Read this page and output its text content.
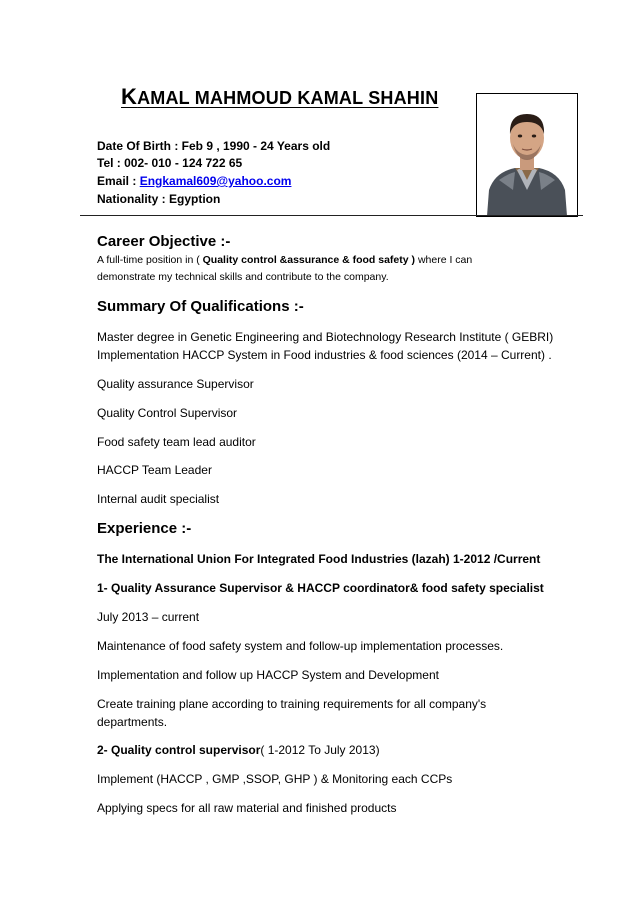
KAMAL MAHMOUD KAMAL SHAHIN
Date Of Birth : Feb 9 , 1990 - 24 Years old
Tel : 002- 010 - 124 722 65
Email : Engkamal609@yahoo.com
Nationality : Egyption
Career Objective :-
A full-time position in ( Quality control &assurance & food safety ) where I can
demonstrate my technical skills and contribute to the company.
Summary Of Qualifications :-
Master degree in Genetic Engineering and Biotechnology Research Institute ( GEBRI)
Implementation HACCP System in Food industries & food sciences (2014 – Current) .
Quality assurance Supervisor
Quality Control Supervisor
Food safety team lead auditor
HACCP Team Leader
Internal audit specialist
Experience :-
The International Union For Integrated Food Industries (lazah) 1-2012 /Current
1- Quality Assurance Supervisor & HACCP coordinator& food safety specialist
July 2013 – current
Maintenance of food safety system and follow-up implementation processes.
Implementation and follow up HACCP System and Development
Create training plane according to training requirements for all company's
departments.
2- Quality control supervisor( 1-2012 To July 2013)
Implement (HACCP , GMP ,SSOP, GHP ) & Monitoring each CCPs
Applying specs for all raw material and finished products
